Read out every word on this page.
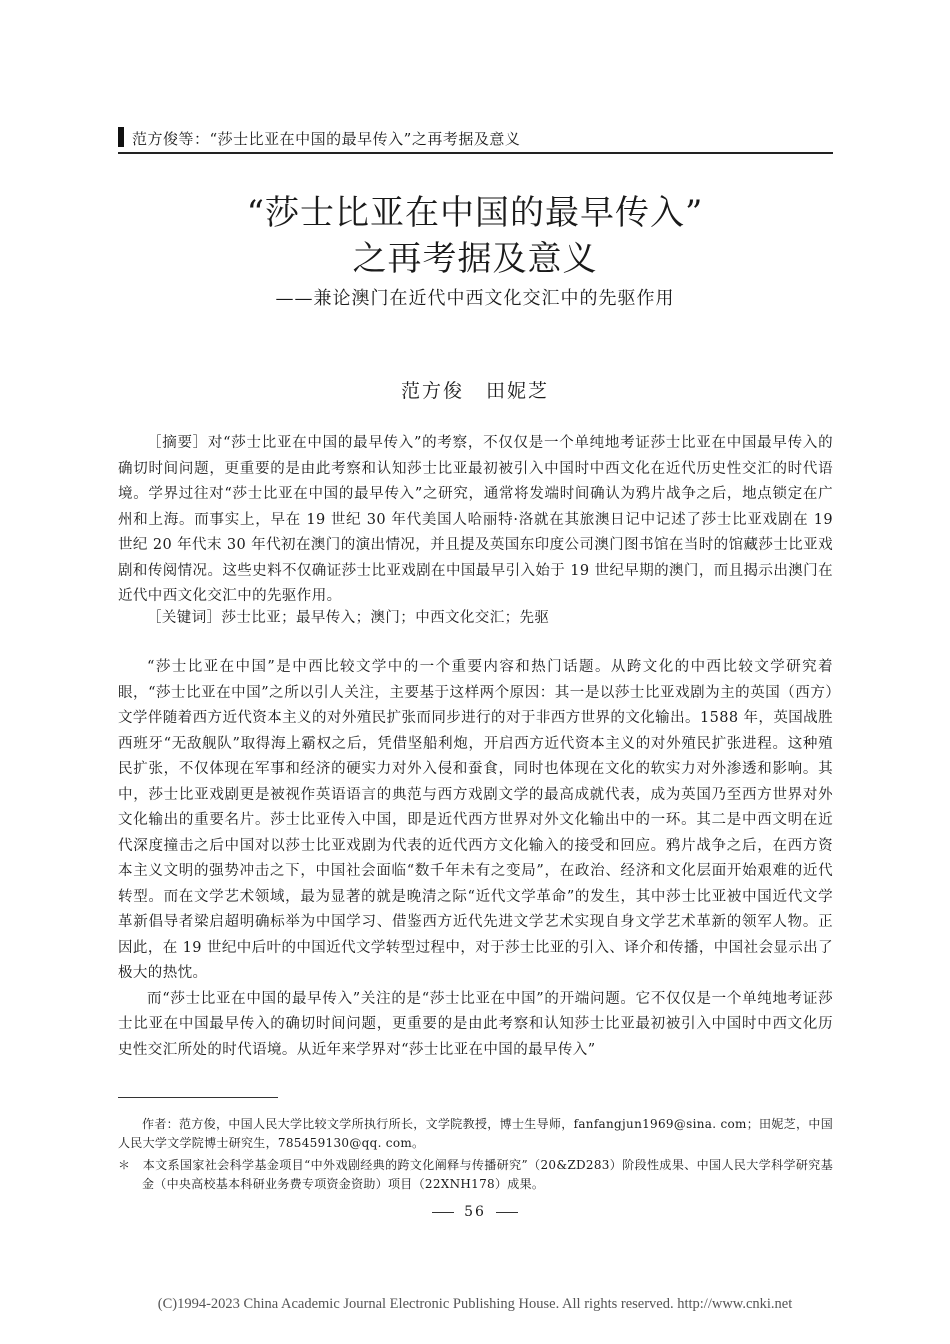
范方俊等：“莎士比亚在中国的最早传入”之再考据及意义
“莎士比亚在中国的最早传入”
之再考据及意义
——兼论澳门在近代中西文化交汇中的先驱作用
范方俊 田妮芝

［摘要］对“莎士比亚在中国的最早传入”的考察，不仅仅是一个单纯地考证莎士比亚在中国最早传入的确切时间问题，更重要的是由此考察和认知莎士比亚最初被引入中国时中西文化在近代历史性交汇的时代语境。学界过往对“莎士比亚在中国的最早传入”之研究，通常将发端时间确认为鸦片战争之后，地点锁定在广州和上海。而事实上，早在 19 世纪 30 年代美国人哈丽特·洛就在其旅澳日记中记述了莎士比亚戏剧在 19 世纪 20 年代末 30 年代初在澳门的演出情况，并且提及英国东印度公司澳门图书馆在当时的馆藏莎士比亚戏剧和传阅情况。这些史料不仅确证莎士比亚戏剧在中国最早引入始于 19 世纪早期的澳门，而且揭示出澳门在近代中西文化交汇中的先驱作用。

［关键词］莎士比亚；最早传入；澳门；中西文化交汇；先驱

“莎士比亚在中国”是中西比较文学中的一个重要内容和热门话题。从跨文化的中西比较文学研究着眼，“莎士比亚在中国”之所以引人关注，主要基于这样两个原因：其一是以莎士比亚戏剧为主的英国（西方）文学伴随着西方近代资本主义的对外殖民扩张而同步进行的对于非西方世界的文化输出。1588 年，英国战胜西班牙“无敌舰队”取得海上霸权之后，凭借坚船利炮，开启西方近代资本主义的对外殖民扩张进程。这种殖民扩张，不仅体现在军事和经济的硬实力对外入侵和蚕食，同时也体现在文化的软实力对外渗透和影响。其中，莎士比亚戏剧更是被视作英语语言的典范与西方戏剧文学的最高成就代表，成为英国乃至西方世界对外文化输出的重要名片。莎士比亚传入中国，即是近代西方世界对外文化输出中的一环。其二是中西文明在近代深度撞击之后中国对以莎士比亚戏剧为代表的近代西方文化输入的接受和回应。鸦片战争之后，在西方资本主义文明的强势冲击之下，中国社会面临“数千年未有之变局”，在政治、经济和文化层面开始艰难的近代转型。而在文学艺术领域，最为显著的就是晚清之际“近代文学革命”的发生，其中莎士比亚被中国近代文学革新倡导者梁启超明确标举为中国学习、借鉴西方近代先进文学艺术实现自身文学艺术革新的领军人物。正因此，在 19 世纪中后叶的中国近代文学转型过程中，对于莎士比亚的引入、译介和传播，中国社会显示出了极大的热忱。

而“莎士比亚在中国的最早传入”关注的是“莎士比亚在中国”的开端问题。它不仅仅是一个单纯地考证莎士比亚在中国最早传入的确切时间问题，更重要的是由此考察和认知莎士比亚最初被引入中国时中西文化历史性交汇所处的时代语境。从近年来学界对“莎士比亚在中国的最早传入”

作者：范方俊，中国人民大学比较文学所执行所长，文学院教授，博士生导师，fanfangjun1969@sina. com；田妮芝，中国人民大学文学院博士研究生，785459130@qq. com。

＊　本文系国家社会科学基金项目“中外戏剧经典的跨文化阐释与传播研究”（20&ZD283）阶段性成果、中国人民大学科学研究基金（中央高校基本科研业务费专项资金资助）项目（22XNH178）成果。

56
(C)1994-2023 China Academic Journal Electronic Publishing House. All rights reserved. http://www.cnki.net
